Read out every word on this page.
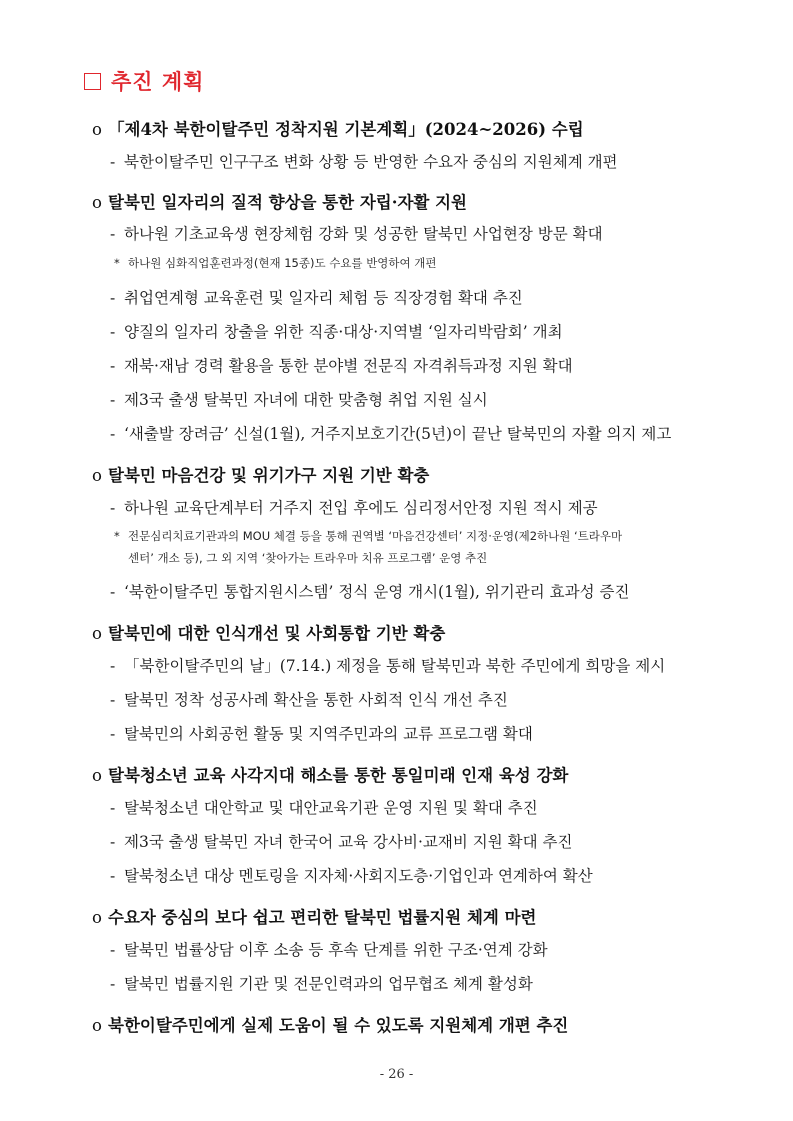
추진 계획
o 「제4차 북한이탈주민 정착지원 기본계획」(2024~2026) 수립
- 북한이탈주민 인구구조 변화 상황 등 반영한 수요자 중심의 지원체계 개편
o 탈북민 일자리의 질적 향상을 통한 자립·자활 지원
- 하나원 기초교육생 현장체험 강화 및 성공한 탈북민 사업현장 방문 확대
* 하나원 심화직업훈련과정(현재 15종)도 수요를 반영하여 개편
- 취업연계형 교육훈련 및 일자리 체험 등 직장경험 확대 추진
- 양질의 일자리 창출을 위한 직종·대상·지역별 ‘일자리박람회’ 개최
- 재북·재남 경력 활용을 통한 분야별 전문직 자격취득과정 지원 확대
- 제3국 출생 탈북민 자녀에 대한 맞춤형 취업 지원 실시
- ‘새출발 장려금’ 신설(1월), 거주지보호기간(5년)이 끝난 탈북민의 자활 의지 제고
o 탈북민 마음건강 및 위기가구 지원 기반 확충
- 하나원 교육단계부터 거주지 전입 후에도 심리정서안정 지원 적시 제공
* 전문심리치료기관과의 MOU 체결 등을 통해 권역별 ‘마음건강센터’ 지정·운영(제2하나원 ‘트라우마
센터’ 개소 등), 그 외 지역 ‘찾아가는 트라우마 치유 프로그램’ 운영 추진
- ‘북한이탈주민 통합지원시스템’ 정식 운영 개시(1월), 위기관리 효과성 증진
o 탈북민에 대한 인식개선 및 사회통합 기반 확충
- 「북한이탈주민의 날」(7.14.) 제정을 통해 탈북민과 북한 주민에게 희망을 제시
- 탈북민 정착 성공사례 확산을 통한 사회적 인식 개선 추진
- 탈북민의 사회공헌 활동 및 지역주민과의 교류 프로그램 확대
o 탈북청소년 교육 사각지대 해소를 통한 통일미래 인재 육성 강화
- 탈북청소년 대안학교 및 대안교육기관 운영 지원 및 확대 추진
- 제3국 출생 탈북민 자녀 한국어 교육 강사비·교재비 지원 확대 추진
- 탈북청소년 대상 멘토링을 지자체·사회지도층·기업인과 연계하여 확산
o 수요자 중심의 보다 쉽고 편리한 탈북민 법률지원 체계 마련
- 탈북민 법률상담 이후 소송 등 후속 단계를 위한 구조·연계 강화
- 탈북민 법률지원 기관 및 전문인력과의 업무협조 체계 활성화
o 북한이탈주민에게 실제 도움이 될 수 있도록 지원체계 개편 추진
- 26 -
